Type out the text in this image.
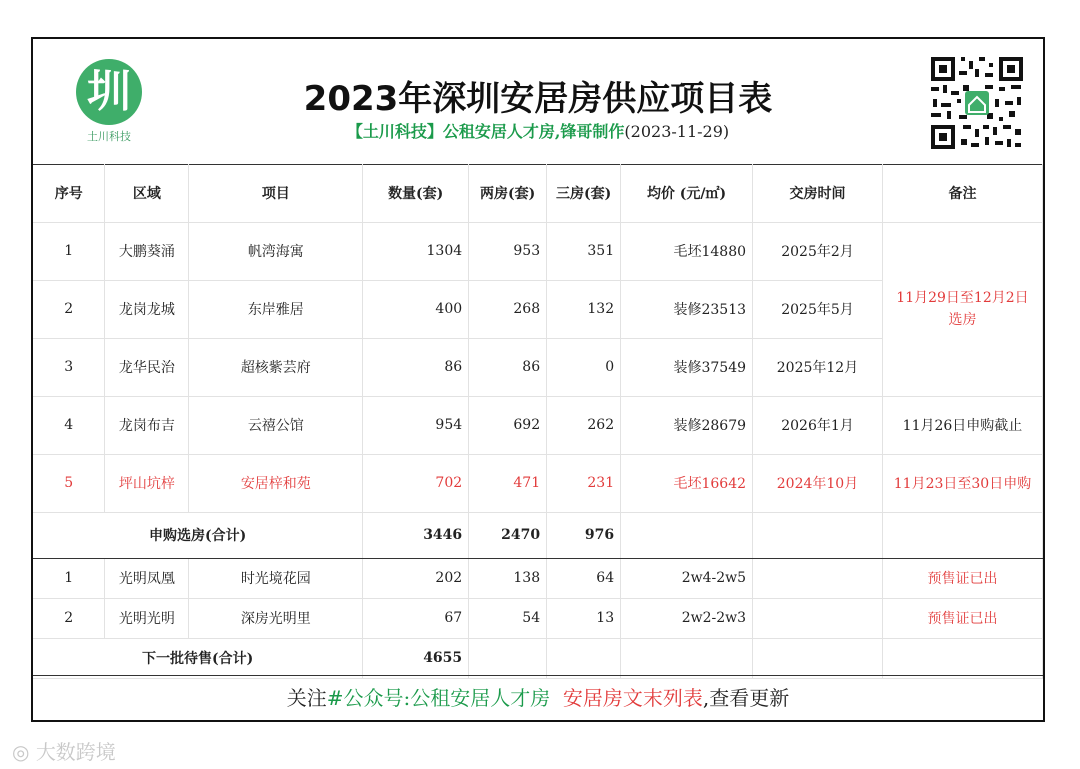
圳
土川科技
2023年深圳安居房供应项目表
【土川科技】公租安居人才房,锋哥制作(2023-11-29)
序号	区域	项目	数量(套)	两房(套)	三房(套)	均价 (元/㎡)	交房时间	备注
1	大鹏葵涌	帆湾海寓	1304	953	351	毛坯14880	2025年2月	11月29日至12月2日
选房
2	龙岗龙城	东岸雅居	400	268	132	装修23513	2025年5月	
3	龙华民治	超核紫芸府	86	86	0	装修37549	2025年12月	
4	龙岗布吉	云禧公馆	954	692	262	装修28679	2026年1月	11月26日申购截止
5	坪山坑梓	安居梓和苑	702	471	231	毛坯16642	2024年10月	11月23日至30日申购
申购选房(合计)			3446	2470	976			
1	光明凤凰	时光境花园	202	138	64	2w4-2w5		预售证已出
2	光明光明	深房光明里	67	54	13	2w2-2w3		预售证已出
下一批待售(合计)			4655					
关注#公众号:公租安居人才房 安居房文末列表,查看更新
◎ 大数跨境
